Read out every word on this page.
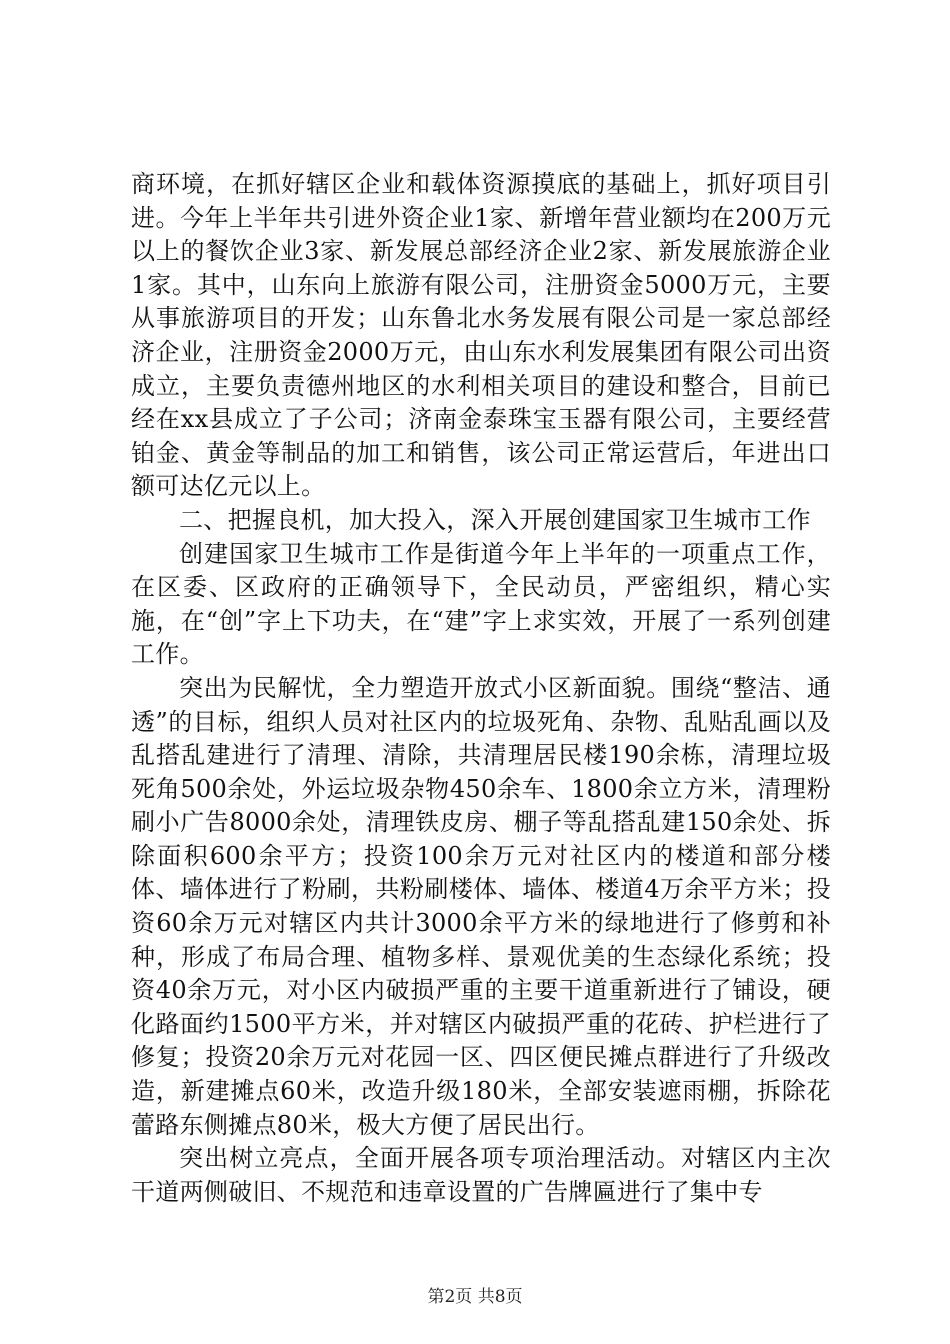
商环境，在抓好辖区企业和载体资源摸底的基础上，抓好项目引进。今年上半年共引进外资企业1家、新增年营业额均在200万元以上的餐饮企业3家、新发展总部经济企业2家、新发展旅游企业1家。其中，山东向上旅游有限公司，注册资金5000万元，主要从事旅游项目的开发；山东鲁北水务发展有限公司是一家总部经济企业，注册资金2000万元，由山东水利发展集团有限公司出资成立，主要负责德州地区的水利相关项目的建设和整合，目前已经在xx县成立了子公司；济南金泰珠宝玉器有限公司，主要经营铂金、黄金等制品的加工和销售，该公司正常运营后，年进出口额可达亿元以上。

二、把握良机，加大投入，深入开展创建国家卫生城市工作

创建国家卫生城市工作是街道今年上半年的一项重点工作，在区委、区政府的正确领导下，全民动员，严密组织，精心实施，在“创”字上下功夫，在“建”字上求实效，开展了一系列创建工作。

突出为民解忧，全力塑造开放式小区新面貌。围绕“整洁、通透”的目标，组织人员对社区内的垃圾死角、杂物、乱贴乱画以及乱搭乱建进行了清理、清除，共清理居民楼190余栋，清理垃圾死角500余处，外运垃圾杂物450余车、1800余立方米，清理粉刷小广告8000余处，清理铁皮房、棚子等乱搭乱建150余处、拆除面积600余平方；投资100余万元对社区内的楼道和部分楼体、墙体进行了粉刷，共粉刷楼体、墙体、楼道4万余平方米；投资60余万元对辖区内共计3000余平方米的绿地进行了修剪和补种，形成了布局合理、植物多样、景观优美的生态绿化系统；投资40余万元，对小区内破损严重的主要干道重新进行了铺设，硬化路面约1500平方米，并对辖区内破损严重的花砖、护栏进行了修复；投资20余万元对花园一区、四区便民摊点群进行了升级改造，新建摊点60米，改造升级180米，全部安装遮雨棚，拆除花蕾路东侧摊点80米，极大方便了居民出行。

突出树立亮点，全面开展各项专项治理活动。对辖区内主次干道两侧破旧、不规范和违章设置的广告牌匾进行了集中专

第2页 共8页
